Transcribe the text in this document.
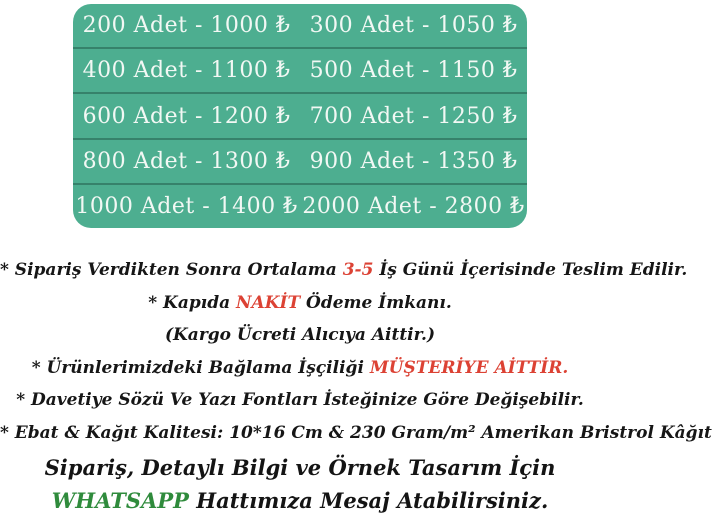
200 Adet - 1000 ₺ 300 Adet - 1050 ₺
400 Adet - 1100 ₺ 500 Adet - 1150 ₺
600 Adet - 1200 ₺ 700 Adet - 1250 ₺
800 Adet - 1300 ₺ 900 Adet - 1350 ₺
1000 Adet - 1400 ₺ 2000 Adet - 2800 ₺
* Sipariş Verdikten Sonra Ortalama 3-5 İş Günü İçerisinde Teslim Edilir.
* Kapıda NAKİT Ödeme İmkanı.
(Kargo Ücreti Alıcıya Aittir.)
* Ürünlerimizdeki Bağlama İşçiliği MÜŞTERİYE AİTTİR.
* Davetiye Sözü Ve Yazı Fontları İsteğinize Göre Değişebilir.
* Ebat & Kağıt Kalitesi: 10*16 Cm & 230 Gram/m² Amerikan Bristrol Kâğıt
Sipariş, Detaylı Bilgi ve Örnek Tasarım İçin
WHATSAPP Hattımıza Mesaj Atabilirsiniz.
